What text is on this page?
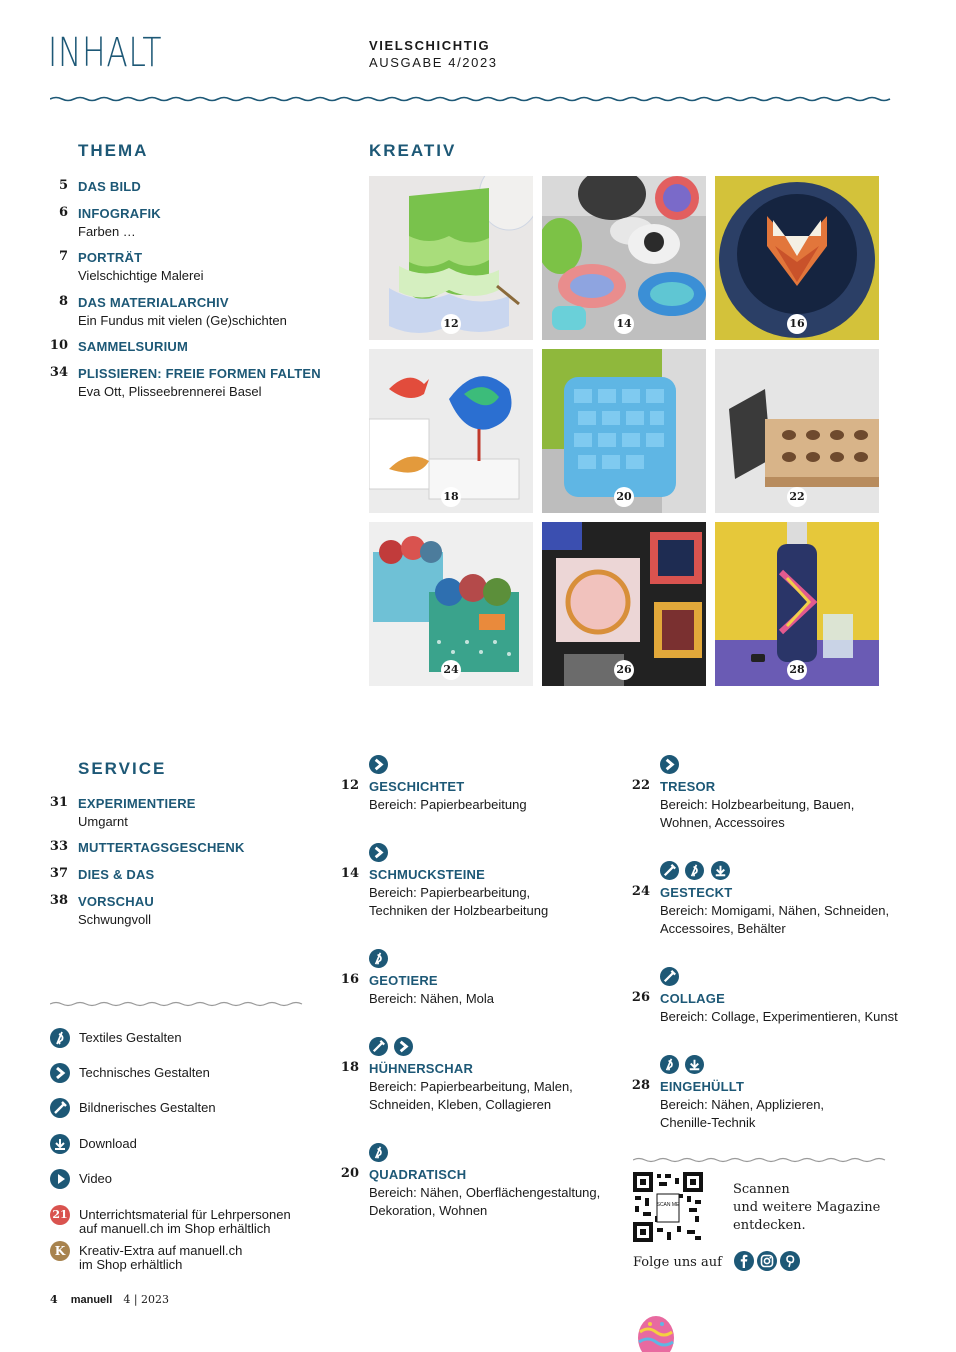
INHALT	VIELSCHICHTIG
AUSGABE 4/2023
THEMA
5 DAS BILD
6 INFOGRAFIK
Farben …
7 PORTRÄT
Vielschichtige Malerei
8 DAS MATERIALARCHIV
Ein Fundus mit vielen (Ge)schichten
10 SAMMELSURIUM
34 PLISSIEREN: FREIE FORMEN FALTEN
Eva Ott, Plisseebrennerei Basel
KREATIV
12	14	16
18	20	22
24	26	28
SERVICE
31 EXPERIMENTIERE
Umgarnt
33 MUTTERTAGSGESCHENK
37 DIES & DAS
38 VORSCHAU
Schwungvoll
12 GESCHICHTET
Bereich: Papierbearbeitung
14 SCHMUCKSTEINE
Bereich: Papierbearbeitung,
Techniken der Holzbearbeitung
16 GEOTIERE
Bereich: Nähen, Mola

18 HÜHNERSCHAR
Bereich: Papierbearbeitung, Malen,
Schneiden, Kleben, Collagieren
20 QUADRATISCH
Bereich: Nähen, Oberflächengestaltung,
Dekoration, Wohnen
22 TRESOR
Bereich: Holzbearbeitung, Bauen,
Wohnen, Accessoires

24 GESTECKT
Bereich: Momigami, Nähen, Schneiden,
Accessoires, Behälter
26 COLLAGE
Bereich: Collage, Experimentieren, Kunst

28 EINGEHÜLLT
Bereich: Nähen, Applizieren,
Chenille-Technik
Textiles Gestalten
Technisches Gestalten
Bildnerisches Gestalten
Download
Video
21 Unterrichtsmaterial für Lehrpersonen
auf manuell.ch im Shop erhältlich
K	Kreativ-Extra auf manuell.ch
im Shop erhältlich
SCAN ME
Scannen
und weitere Magazine
entdecken.
Folge uns auf
4 manuell 4 | 2023
